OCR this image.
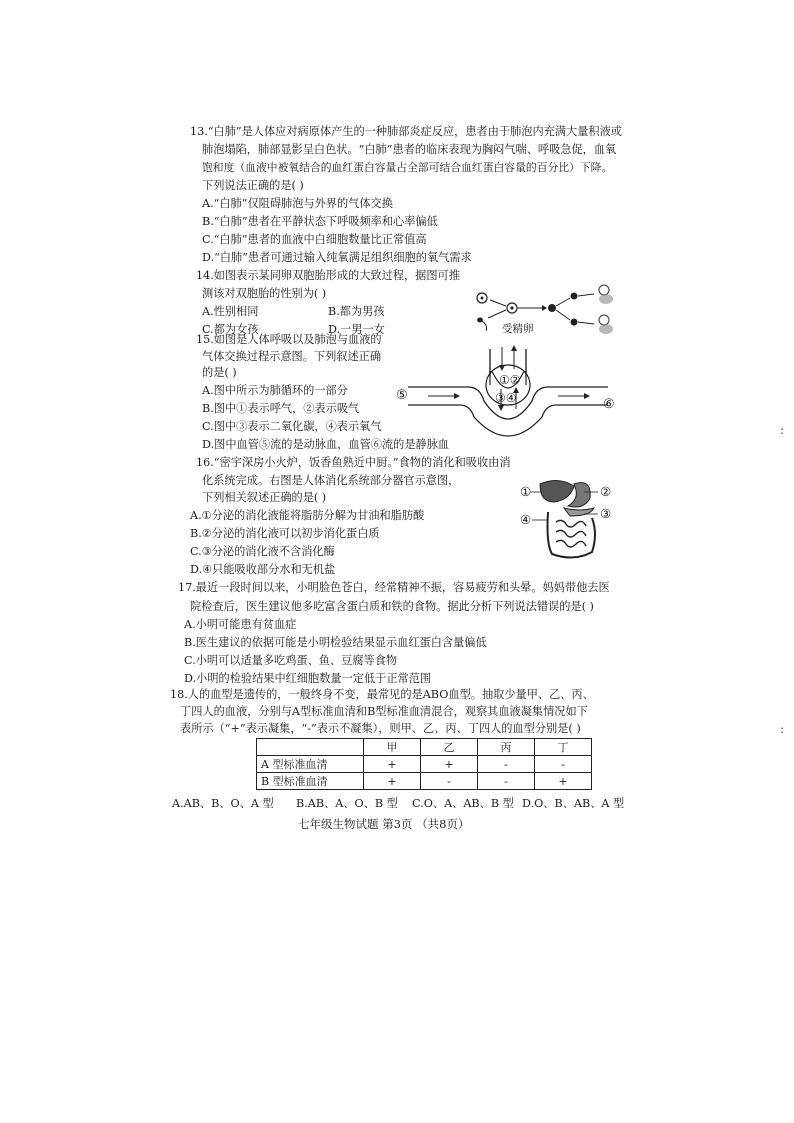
13.“白肺”是人体应对病原体产生的一种肺部炎症反应，患者由于肺泡内充满大量积液或
肺泡塌陷，肺部显影呈白色状。“白肺”患者的临床表现为胸闷气喘、呼吸急促，血氧
饱和度（血液中被氧结合的血红蛋白容量占全部可结合血红蛋白容量的百分比）下降。
下列说法正确的是( )
A.“白肺”仅阻碍肺泡与外界的气体交换
B.“白肺”患者在平静状态下呼吸频率和心率偏低
C.“白肺”患者的血液中白细胞数量比正常值高
D.“白肺”患者可通过输入纯氧满足组织细胞的氧气需求
14.如图表示某同卵双胞胎形成的大致过程，据图可推
测该对双胞胎的性别为( )
A.性别相同	B.都为男孩
C.都为女孩	D.一男一女	受精卵
15.如图是人体呼吸以及肺泡与血液的
气体交换过程示意图。下列叙述正确
的是( )
A.图中所示为肺循环的一部分
B.图中①表示呼气，②表示吸气
C.图中③表示二氧化碳，④表示氧气
D.图中血管⑤流的是动脉血，血管⑥流的是静脉血
①②
③④
⑤
⑥
16.“密宇深房小火炉，饭香鱼熟近中厨。”食物的消化和吸收由消
化系统完成。右图是人体消化系统部分器官示意图，
下列相关叙述正确的是( )
A.①分泌的消化液能将脂肪分解为甘油和脂肪酸
B.②分泌的消化液可以初步消化蛋白质
C.③分泌的消化液不含消化酶
D.④只能吸收部分水和无机盐
①	②
③
④
17.最近一段时间以来，小明脸色苍白，经常精神不振，容易疲劳和头晕。妈妈带他去医
院检查后，医生建议他多吃富含蛋白质和铁的食物。据此分析下列说法错误的是( )
A.小明可能患有贫血症
B.医生建议的依据可能是小明检验结果显示血红蛋白含量偏低
C.小明可以适量多吃鸡蛋、鱼、豆腐等食物
D.小明的检验结果中红细胞数量一定低于正常范围
18.人的血型是遗传的，一般终身不变，最常见的是ABO血型。抽取少量甲、乙、丙、
丁四人的血液，分别与A型标准血清和B型标准血清混合，观察其血液凝集情况如下
表所示（“+”表示凝集，“-”表示不凝集），则甲、乙、丙、丁四人的血型分别是( )
	甲	乙	丙	丁
A 型标准血清	+	+	-	-
B 型标准血清	+	-	-	+
A.AB、B、O、A 型 B.AB、A、O、B 型 C.O、A、AB、B 型 D.O、B、AB、A 型
七年级生物试题 第3页 （共8页）
:
:
